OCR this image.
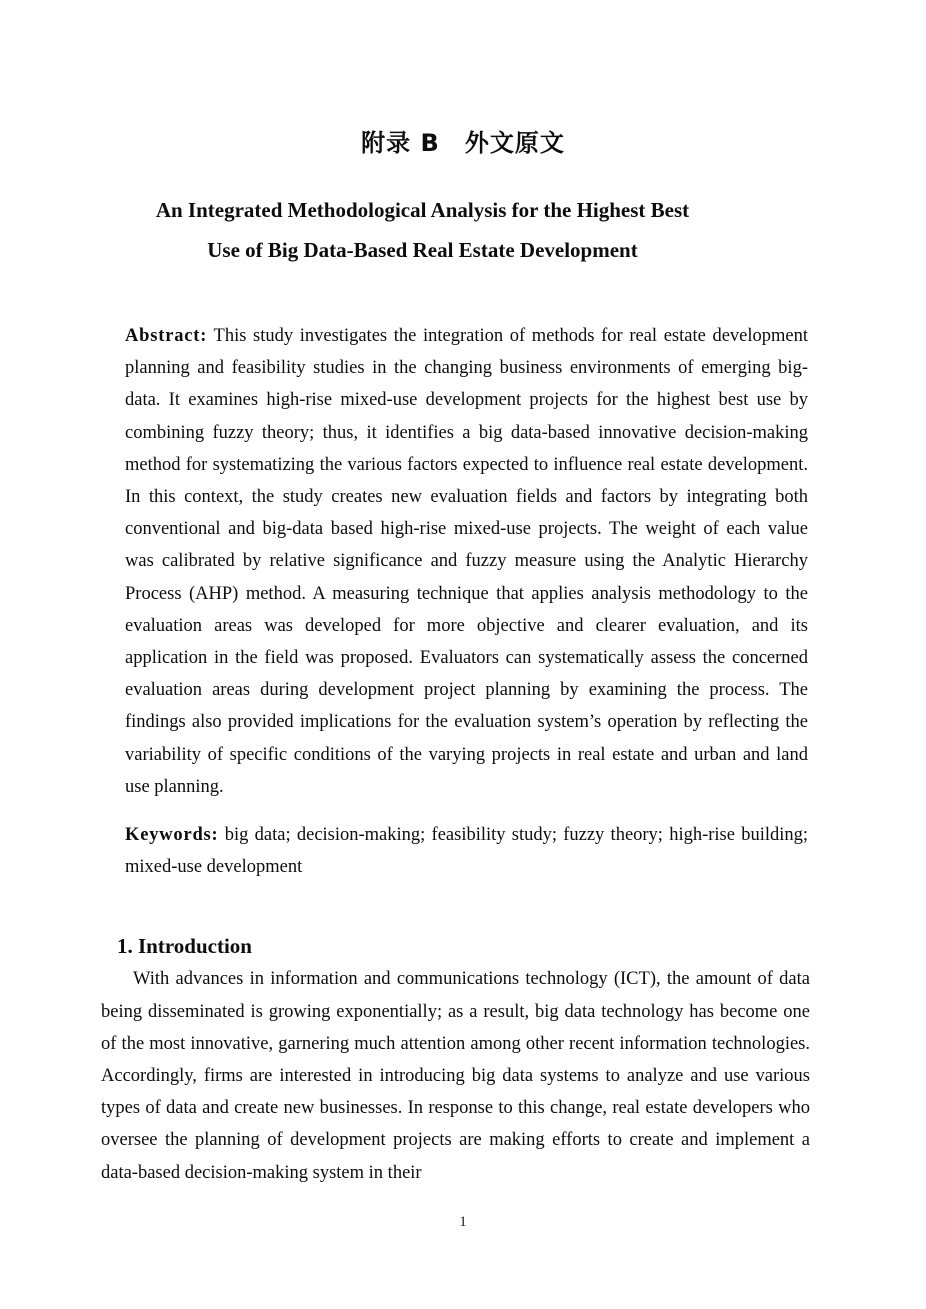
附录 B　外文原文
An Integrated Methodological Analysis for the Highest Best
Use of Big Data-Based Real Estate Development

Abstract: This study investigates the integration of methods for real estate development planning and feasibility studies in the changing business environments of emerging big-data. It examines high-rise mixed-use development projects for the highest best use by combining fuzzy theory; thus, it identifies a big data-based innovative decision-making method for systematizing the various factors expected to influence real estate development. In this context, the study creates new evaluation fields and factors by integrating both conventional and big-data based high-rise mixed-use projects. The weight of each value was calibrated by relative significance and fuzzy measure using the Analytic Hierarchy Process (AHP) method. A measuring technique that applies analysis methodology to the evaluation areas was developed for more objective and clearer evaluation, and its application in the field was proposed. Evaluators can systematically assess the concerned evaluation areas during development project planning by examining the process. The findings also provided implications for the evaluation system’s operation by reflecting the variability of specific conditions of the varying projects in real estate and urban and land use planning.

Keywords: big data; decision-making; feasibility study; fuzzy theory; high-rise building; mixed-use development

1. Introduction

With advances in information and communications technology (ICT), the amount of data being disseminated is growing exponentially; as a result, big data technology has become one of the most innovative, garnering much attention among other recent information technologies. Accordingly, firms are interested in introducing big data systems to analyze and use various types of data and create new businesses. In response to this change, real estate developers who oversee the planning of development projects are making efforts to create and implement a data-based decision-making system in their

1
